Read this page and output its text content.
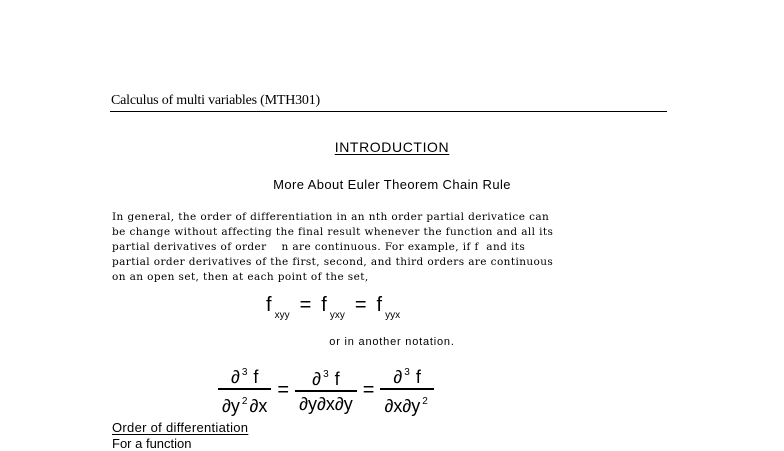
Calculus of multi variables (MTH301)
INTRODUCTION
More About Euler Theorem Chain Rule
In general, the order of differentiation in an nth order partial derivatice can
be change without affecting the final result whenever the function and all its
partial derivatives of order    n are continuous. For example, if f  and its
partial order derivatives of the first, second, and third orders are continuous
on an open set, then at each point of the set,
f xyy = f yxy = f yyx
or in another notation.
$\frac{\partial ^3 f}{\partial y ^2 \partial x} = \frac{\partial ^3 f}{\partial y\partial x\partial y} = \frac{\partial ^3 f}{\partial x\partial y ^2}$
Order of differentiation
For a function
